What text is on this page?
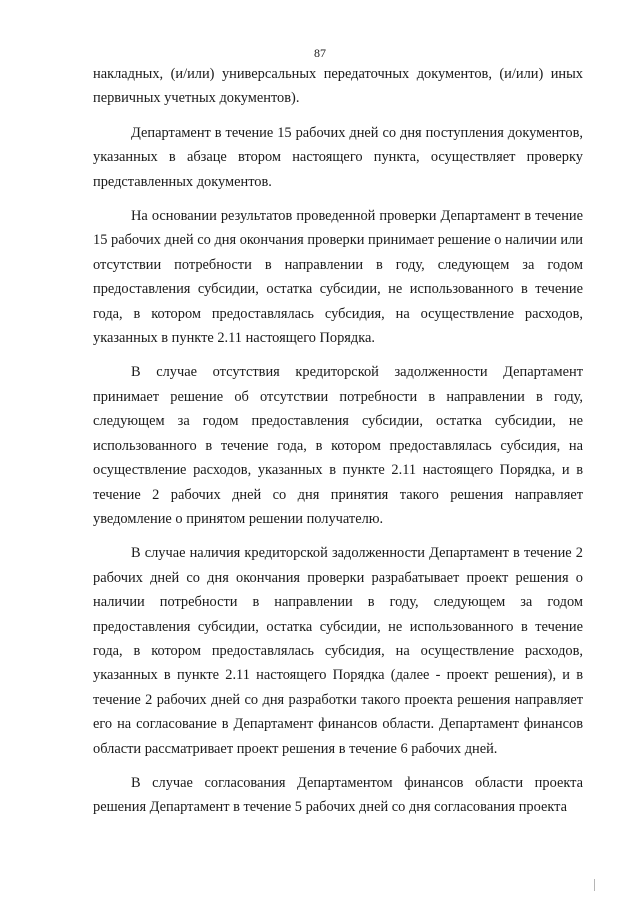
87

накладных, (и/или) универсальных передаточных документов, (и/или) иных первичных учетных документов).

Департамент в течение 15 рабочих дней со дня поступления документов, указанных в абзаце втором настоящего пункта, осуществляет проверку представленных документов.

На основании результатов проведенной проверки Департамент в течение 15 рабочих дней со дня окончания проверки принимает решение о наличии или отсутствии потребности в направлении в году, следующем за годом предоставления субсидии, остатка субсидии, не использованного в течение года, в котором предоставлялась субсидия, на осуществление расходов, указанных в пункте 2.11 настоящего Порядка.

В случае отсутствия кредиторской задолженности Департамент принимает решение об отсутствии потребности в направлении в году, следующем за годом предоставления субсидии, остатка субсидии, не использованного в течение года, в котором предоставлялась субсидия, на осуществление расходов, указанных в пункте 2.11 настоящего Порядка, и в течение 2 рабочих дней со дня принятия такого решения направляет уведомление о принятом решении получателю.

В случае наличия кредиторской задолженности Департамент в течение 2 рабочих дней со дня окончания проверки разрабатывает проект решения о наличии потребности в направлении в году, следующем за годом предоставления субсидии, остатка субсидии, не использованного в течение года, в котором предоставлялась субсидия, на осуществление расходов, указанных в пункте 2.11 настоящего Порядка (далее - проект решения), и в течение 2 рабочих дней со дня разработки такого проекта решения направляет его на согласование в Департамент финансов области. Департамент финансов области рассматривает проект решения в течение 6 рабочих дней.

В случае согласования Департаментом финансов области проекта решения Департамент в течение 5 рабочих дней со дня согласования проекта
